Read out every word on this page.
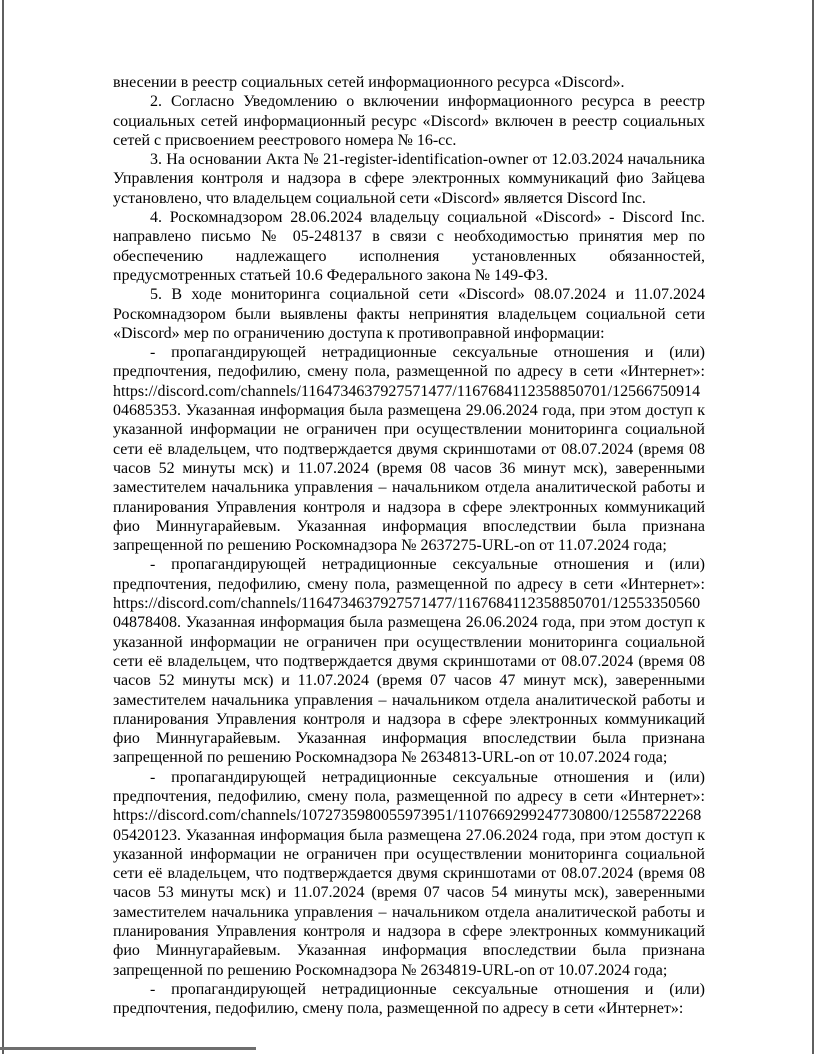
внесении в реестр социальных сетей информационного ресурса «Discord».

2. Согласно Уведомлению о включении информационного ресурса в реестр социальных сетей информационный ресурс «Discord» включен в реестр социальных сетей с присвоением реестрового номера № 16-сс.

3. На основании Акта № 21-register-identification-owner от 12.03.2024 начальника Управления контроля и надзора в сфере электронных коммуникаций фио Зайцева установлено, что владельцем социальной сети «Discord» является Discord Inc.

4. Роскомнадзором 28.06.2024 владельцу социальной «Discord» - Discord Inc. направлено письмо № 05-248137 в связи с необходимостью принятия мер по обеспечению надлежащего исполнения установленных обязанностей, предусмотренных статьей 10.6 Федерального закона № 149-ФЗ.

5. В ходе мониторинга социальной сети «Discord» 08.07.2024 и 11.07.2024 Роскомнадзором были выявлены факты непринятия владельцем социальной сети «Discord» мер по ограничению доступа к противоправной информации:

- пропагандирующей нетрадиционные сексуальные отношения и (или) предпочтения, педофилию, смену пола, размещенной по адресу в сети «Интернет»: https://discord.com/channels/1164734637927571477/1167684112358850701/1256675091404685353. Указанная информация была размещена 29.06.2024 года, при этом доступ к указанной информации не ограничен при осуществлении мониторинга социальной сети её владельцем, что подтверждается двумя скриншотами от 08.07.2024 (время 08 часов 52 минуты мск) и 11.07.2024 (время 08 часов 36 минут мск), заверенными заместителем начальника управления – начальником отдела аналитической работы и планирования Управления контроля и надзора в сфере электронных коммуникаций фио Миннугарайевым. Указанная информация впоследствии была признана запрещенной по решению Роскомнадзора № 2637275-URL-on от 11.07.2024 года;

- пропагандирующей нетрадиционные сексуальные отношения и (или) предпочтения, педофилию, смену пола, размещенной по адресу в сети «Интернет»: https://discord.com/channels/1164734637927571477/1167684112358850701/1255335056004878408. Указанная информация была размещена 26.06.2024 года, при этом доступ к указанной информации не ограничен при осуществлении мониторинга социальной сети её владельцем, что подтверждается двумя скриншотами от 08.07.2024 (время 08 часов 52 минуты мск) и 11.07.2024 (время 07 часов 47 минут мск), заверенными заместителем начальника управления – начальником отдела аналитической работы и планирования Управления контроля и надзора в сфере электронных коммуникаций фио Миннугарайевым. Указанная информация впоследствии была признана запрещенной по решению Роскомнадзора № 2634813-URL-on от 10.07.2024 года;

- пропагандирующей нетрадиционные сексуальные отношения и (или) предпочтения, педофилию, смену пола, размещенной по адресу в сети «Интернет»: https://discord.com/channels/1072735980055973951/1107669299247730800/1255872226805420123. Указанная информация была размещена 27.06.2024 года, при этом доступ к указанной информации не ограничен при осуществлении мониторинга социальной сети её владельцем, что подтверждается двумя скриншотами от 08.07.2024 (время 08 часов 53 минуты мск) и 11.07.2024 (время 07 часов 54 минуты мск), заверенными заместителем начальника управления – начальником отдела аналитической работы и планирования Управления контроля и надзора в сфере электронных коммуникаций фио Миннугарайевым. Указанная информация впоследствии была признана запрещенной по решению Роскомнадзора № 2634819-URL-on от 10.07.2024 года;

- пропагандирующей нетрадиционные сексуальные отношения и (или) предпочтения, педофилию, смену пола, размещенной по адресу в сети «Интернет»:
